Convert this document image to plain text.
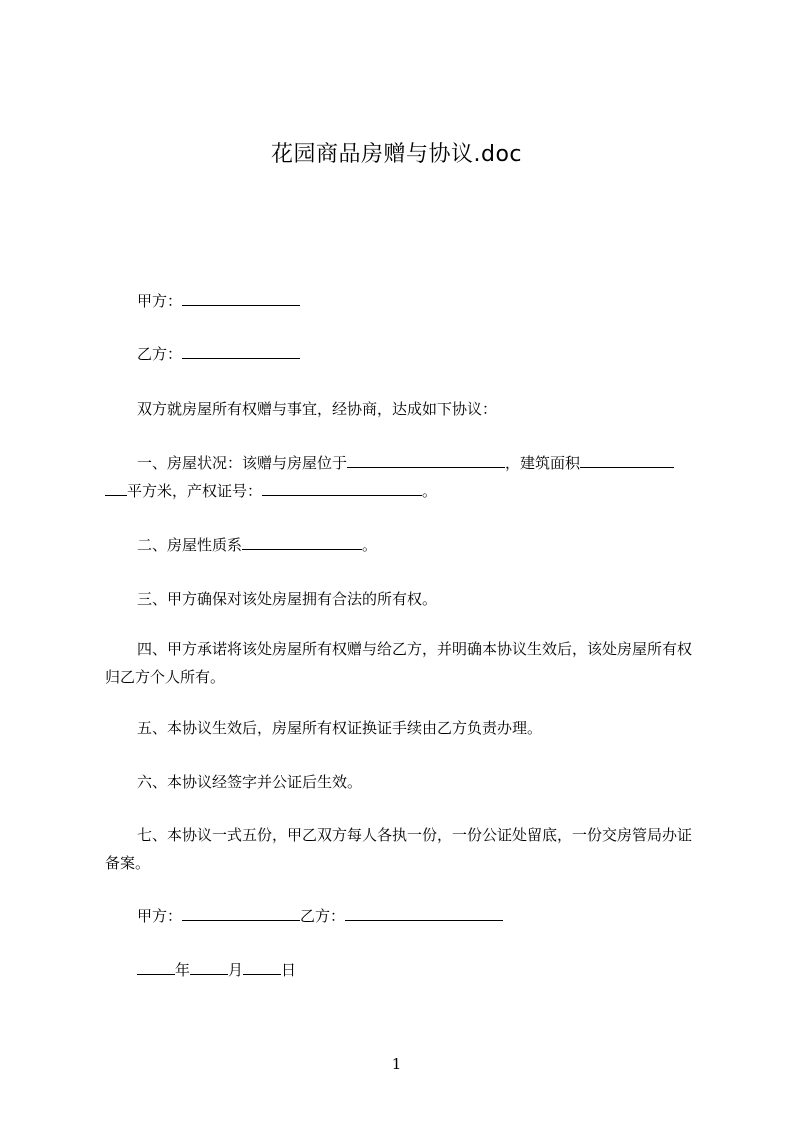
花园商品房赠与协议.doc
甲方：
乙方：
双方就房屋所有权赠与事宜，经协商，达成如下协议：
一、房屋状况：该赠与房屋位于	，建筑面积
平方米，产权证号：	。
二、房屋性质系	。
三、甲方确保对该处房屋拥有合法的所有权。
四、甲方承诺将该处房屋所有权赠与给乙方，并明确本协议生效后，该处房屋所有权归乙方个人所有。
五、本协议生效后，房屋所有权证换证手续由乙方负责办理。
六、本协议经签字并公证后生效。
七、本协议一式五份，甲乙双方每人各执一份，一份公证处留底，一份交房管局办证备案。
甲方：	乙方：
年	月	日
1
